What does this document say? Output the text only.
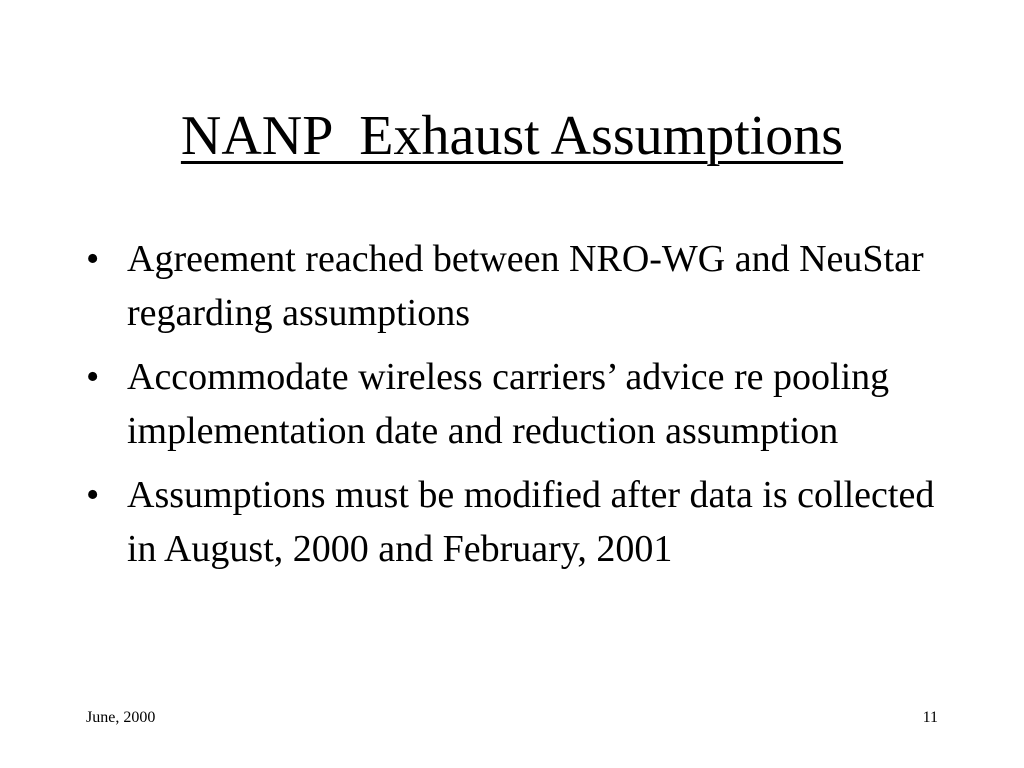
NANP  Exhaust Assumptions
• Agreement reached between NRO-WG and NeuStar regarding assumptions
• Accommodate wireless carriers’ advice re pooling implementation date and reduction assumption
• Assumptions must be modified after data is collected in August, 2000 and February, 2001
June, 2000	11
